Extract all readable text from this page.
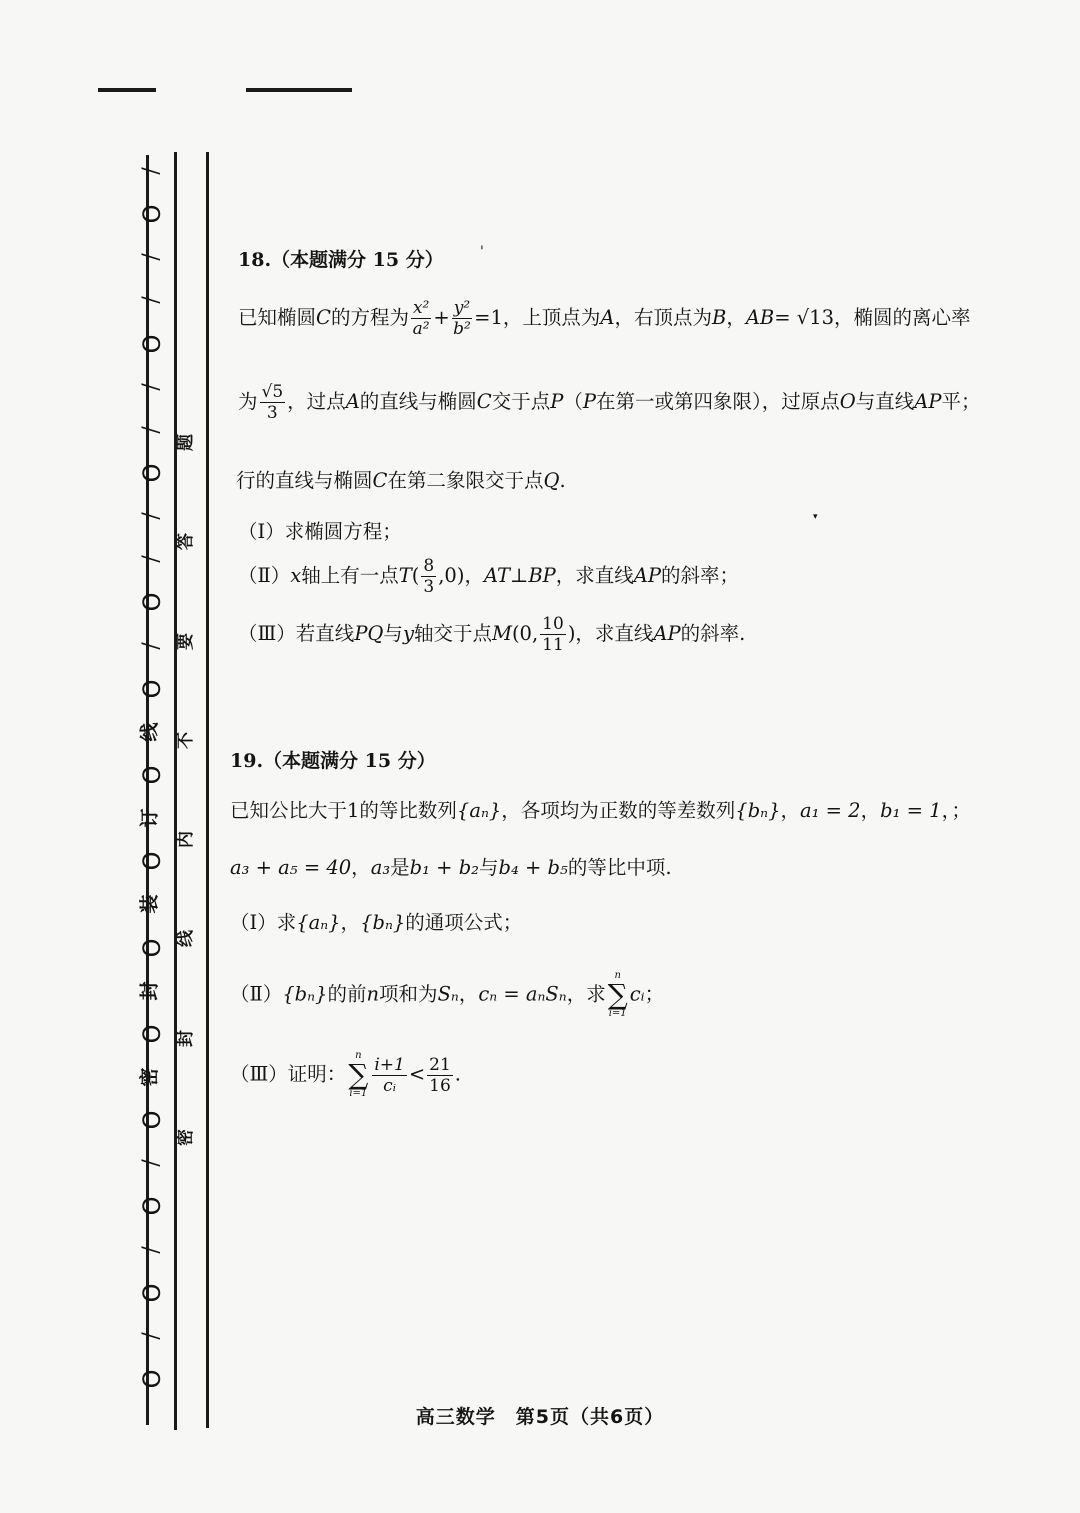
/
O
/
/
O
/
/
O
/
/
O
/
O
线
O
订
O
装
O
封
O
密
O
/
O
/
O
/
O
题
答
要
不
内
线
封
密
'
▾
18.（本题满分 15 分）
已知椭圆C的方程为 $\frac{\text{x²}}{\text{a²}} + \frac{\text{y²}}{\text{b²}} =1$，上顶点为A，右顶点为B，AB= √13，椭圆的离心率
为 $\frac{√5}{3}$ ，过点A的直线与椭圆C交于点P（P在第一或第四象限），过原点O与直线AP平；
行的直线与椭圆C在第二象限交于点Q.
（Ⅰ）求椭圆方程；
（Ⅱ）x轴上有一点$T( \frac{8}{3} ,0)$，AT⊥BP，求直线AP的斜率；
（Ⅲ）若直线PQ与y轴交于点M(0, $\frac{10}{11}$ )，求直线AP的斜率.
19.（本题满分 15 分）
已知公比大于1的等比数列{aₙ}，各项均为正数的等差数列{bₙ}，a₁ = 2，b₁ = 1，；
a₃ + a₅ = 40，a₃是b₁ + b₂与b₄ + b₅的等比中项.
（Ⅰ）求{aₙ}，{bₙ}的通项公式；
（Ⅱ）{bₙ}的前n项和为Sₙ，cₙ = aₙSₙ，求
n
∑
i=1
cᵢ；
（Ⅲ）证明：
n
∑
$i=1 \frac{i+1}{\text{cᵢ}} < \frac{21}{16}$ .
高三数学　第5页（共6页）
